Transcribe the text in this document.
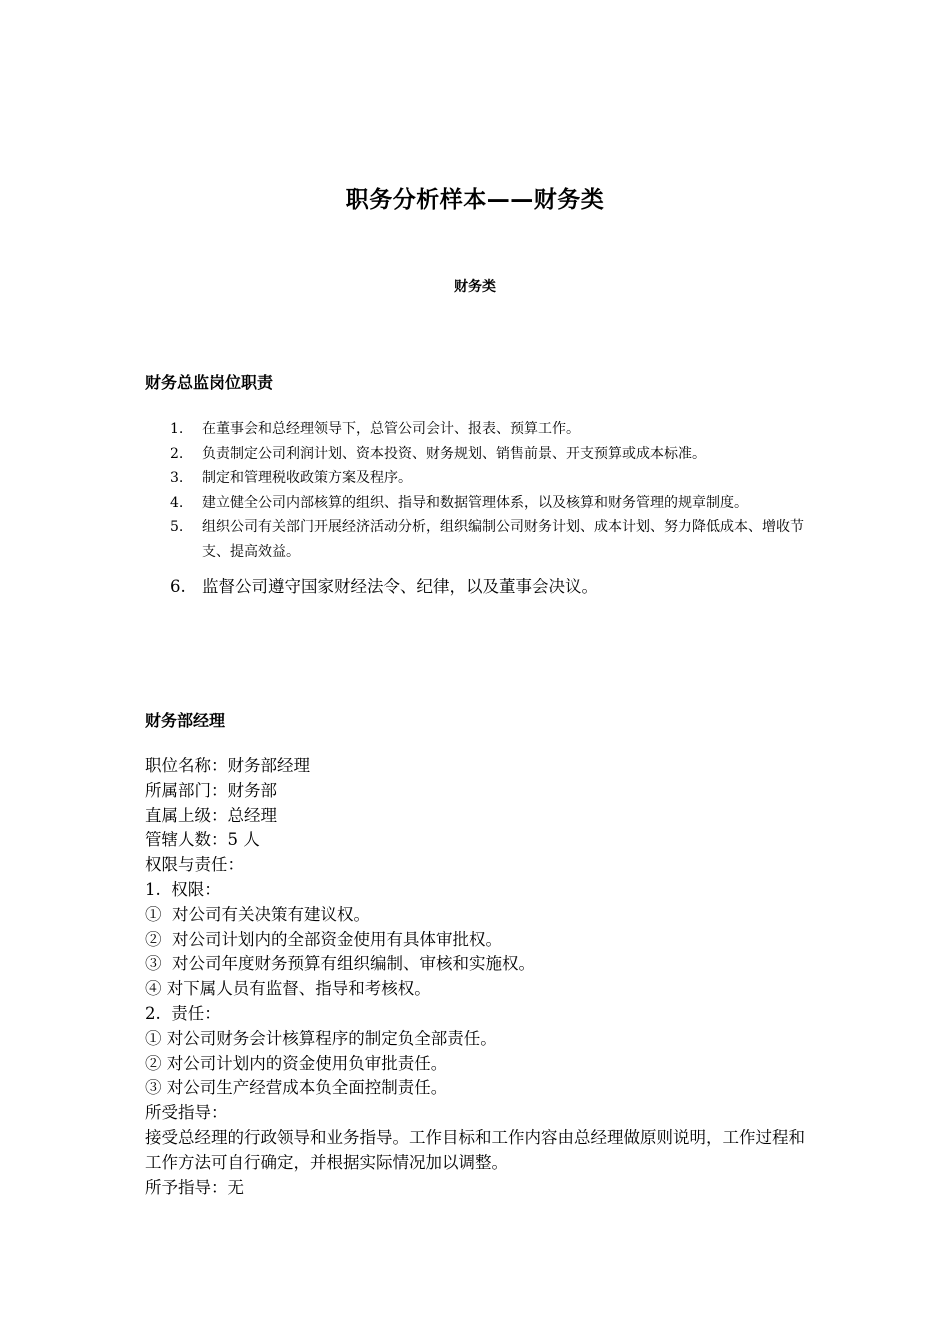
职务分析样本——财务类
财务类
财务总监岗位职责
1. 在董事会和总经理领导下，总管公司会计、报表、预算工作。
2. 负责制定公司利润计划、资本投资、财务规划、销售前景、开支预算或成本标准。
3. 制定和管理税收政策方案及程序。
4. 建立健全公司内部核算的组织、指导和数据管理体系，以及核算和财务管理的规章制度。
5. 组织公司有关部门开展经济活动分析，组织编制公司财务计划、成本计划、努力降低成本、增收节支、提高效益。
6. 监督公司遵守国家财经法令、纪律，以及董事会决议。
财务部经理
职位名称：财务部经理
所属部门：财务部
直属上级：总经理
管辖人数：5 人
权限与责任：
1.  权限：
①  对公司有关决策有建议权。
②  对公司计划内的全部资金使用有具体审批权。
③  对公司年度财务预算有组织编制、审核和实施权。
④ 对下属人员有监督、指导和考核权。
2.  责任：
① 对公司财务会计核算程序的制定负全部责任。
② 对公司计划内的资金使用负审批责任。
③ 对公司生产经营成本负全面控制责任。
所受指导：
接受总经理的行政领导和业务指导。工作目标和工作内容由总经理做原则说明，工作过程和工作方法可自行确定，并根据实际情况加以调整。
所予指导：无
